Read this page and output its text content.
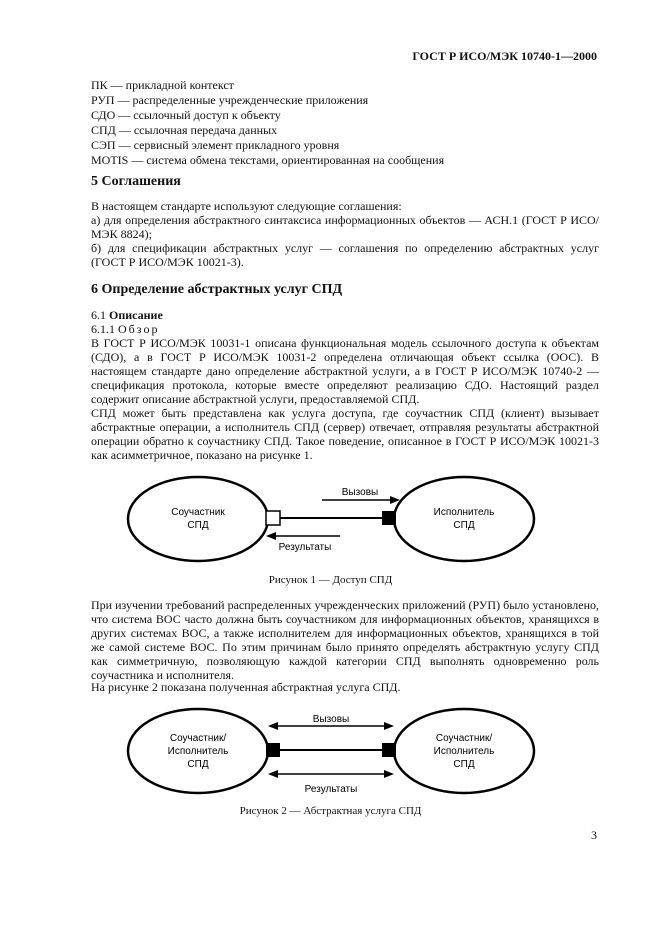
ГОСТ Р ИСО/МЭК 10740-1—2000
ПК — прикладной контекст
РУП — распределенные учрежденческие приложения
СДО — ссылочный доступ к объекту
СПД — ссылочная передача данных
СЭП — сервисный элемент прикладного уровня
MOTIS — система обмена текстами, ориентированная на сообщения
5 Соглашения
В настоящем стандарте используют следующие соглашения:
а) для определения абстрактного синтаксиса информационных объектов — АСН.1 (ГОСТ Р ИСО/МЭК 8824);
б) для спецификации абстрактных услуг — соглашения по определению абстрактных услуг (ГОСТ Р ИСО/МЭК 10021-3).
6 Определение абстрактных услуг СПД
6.1 Описание
6.1.1 Обзор
В ГОСТ Р ИСО/МЭК 10031-1 описана функциональная модель ссылочного доступа к объектам (СДО), а в ГОСТ Р ИСО/МЭК 10031-2 определена отличающая объект ссылка (ООС). В настоящем стандарте дано определение абстрактной услуги, а в ГОСТ Р ИСО/МЭК 10740-2 — спецификация протокола, которые вместе определяют реализацию СДО. Настоящий раздел содержит описание абстрактной услуги, предоставляемой СПД.
СПД может быть представлена как услуга доступа, где соучастник СПД (клиент) вызывает абстрактные операции, а исполнитель СПД (сервер) отвечает, отправляя результаты абстрактной операции обратно к соучастнику СПД. Такое поведение, описанное в ГОСТ Р ИСО/МЭК 10021-3 как асимметричное, показано на рисунке 1.
Соучастник
СПД
Исполнитель
СПД
Вызовы
Результаты
Рисунок 1 — Доступ СПД
При изучении требований распределенных учрежденческих приложений (РУП) было установлено, что система ВОС часто должна быть соучастником для информационных объектов, хранящихся в других системах ВОС, а также исполнителем для информационных объектов, хранящихся в той же самой системе ВОС. По этим причинам было принято определять абстрактную услугу СПД как симметричную, позволяющую каждой категории СПД выполнять одновременно роль соучастника и исполнителя.
На рисунке 2 показана полученная абстрактная услуга СПД.
Соучастник/
Исполнитель
СПД
Соучастник/
Исполнитель
СПД
Вызовы
Результаты
Рисунок 2 — Абстрактная услуга СПД
3
